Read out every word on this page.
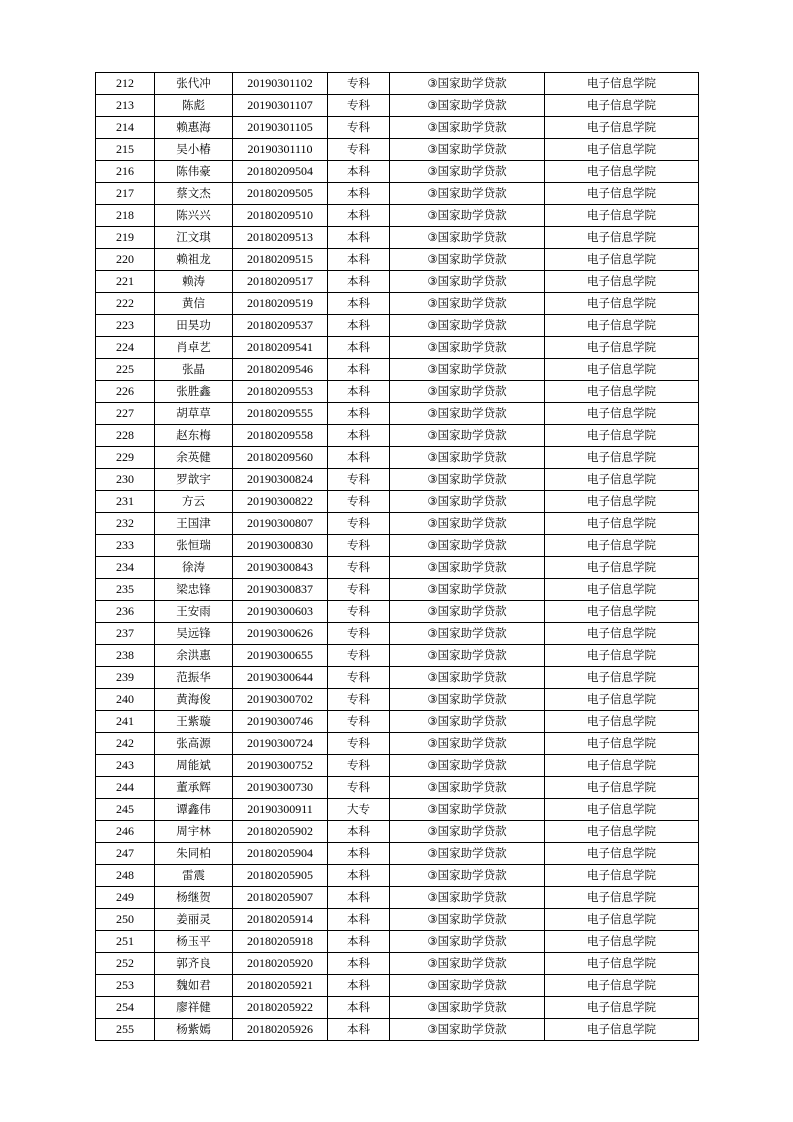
212	张代冲	20190301102	专科	③国家助学贷款	电子信息学院
213	陈彪	20190301107	专科	③国家助学贷款	电子信息学院
214	赖惠海	20190301105	专科	③国家助学贷款	电子信息学院
215	吴小椿	20190301110	专科	③国家助学贷款	电子信息学院
216	陈伟豪	20180209504	本科	③国家助学贷款	电子信息学院
217	蔡文杰	20180209505	本科	③国家助学贷款	电子信息学院
218	陈兴兴	20180209510	本科	③国家助学贷款	电子信息学院
219	江文琪	20180209513	本科	③国家助学贷款	电子信息学院
220	赖祖龙	20180209515	本科	③国家助学贷款	电子信息学院
221	赖涛	20180209517	本科	③国家助学贷款	电子信息学院
222	黄信	20180209519	本科	③国家助学贷款	电子信息学院
223	田昊功	20180209537	本科	③国家助学贷款	电子信息学院
224	肖卓艺	20180209541	本科	③国家助学贷款	电子信息学院
225	张晶	20180209546	本科	③国家助学贷款	电子信息学院
226	张胜鑫	20180209553	本科	③国家助学贷款	电子信息学院
227	胡草草	20180209555	本科	③国家助学贷款	电子信息学院
228	赵东梅	20180209558	本科	③国家助学贷款	电子信息学院
229	余英健	20180209560	本科	③国家助学贷款	电子信息学院
230	罗歆宇	20190300824	专科	③国家助学贷款	电子信息学院
231	方云	20190300822	专科	③国家助学贷款	电子信息学院
232	王国津	20190300807	专科	③国家助学贷款	电子信息学院
233	张恒瑞	20190300830	专科	③国家助学贷款	电子信息学院
234	徐涛	20190300843	专科	③国家助学贷款	电子信息学院
235	梁忠锋	20190300837	专科	③国家助学贷款	电子信息学院
236	王安雨	20190300603	专科	③国家助学贷款	电子信息学院
237	吴远锋	20190300626	专科	③国家助学贷款	电子信息学院
238	余洪惠	20190300655	专科	③国家助学贷款	电子信息学院
239	范振华	20190300644	专科	③国家助学贷款	电子信息学院
240	黄海俊	20190300702	专科	③国家助学贷款	电子信息学院
241	王紫璇	20190300746	专科	③国家助学贷款	电子信息学院
242	张高源	20190300724	专科	③国家助学贷款	电子信息学院
243	周能斌	20190300752	专科	③国家助学贷款	电子信息学院
244	董承辉	20190300730	专科	③国家助学贷款	电子信息学院
245	谭鑫伟	20190300911	大专	③国家助学贷款	电子信息学院
246	周宇林	20180205902	本科	③国家助学贷款	电子信息学院
247	朱同柏	20180205904	本科	③国家助学贷款	电子信息学院
248	雷震	20180205905	本科	③国家助学贷款	电子信息学院
249	杨继贺	20180205907	本科	③国家助学贷款	电子信息学院
250	姜丽灵	20180205914	本科	③国家助学贷款	电子信息学院
251	杨玉平	20180205918	本科	③国家助学贷款	电子信息学院
252	郭齐良	20180205920	本科	③国家助学贷款	电子信息学院
253	魏如君	20180205921	本科	③国家助学贷款	电子信息学院
254	廖祥健	20180205922	本科	③国家助学贷款	电子信息学院
255	杨紫嫣	20180205926	本科	③国家助学贷款	电子信息学院
